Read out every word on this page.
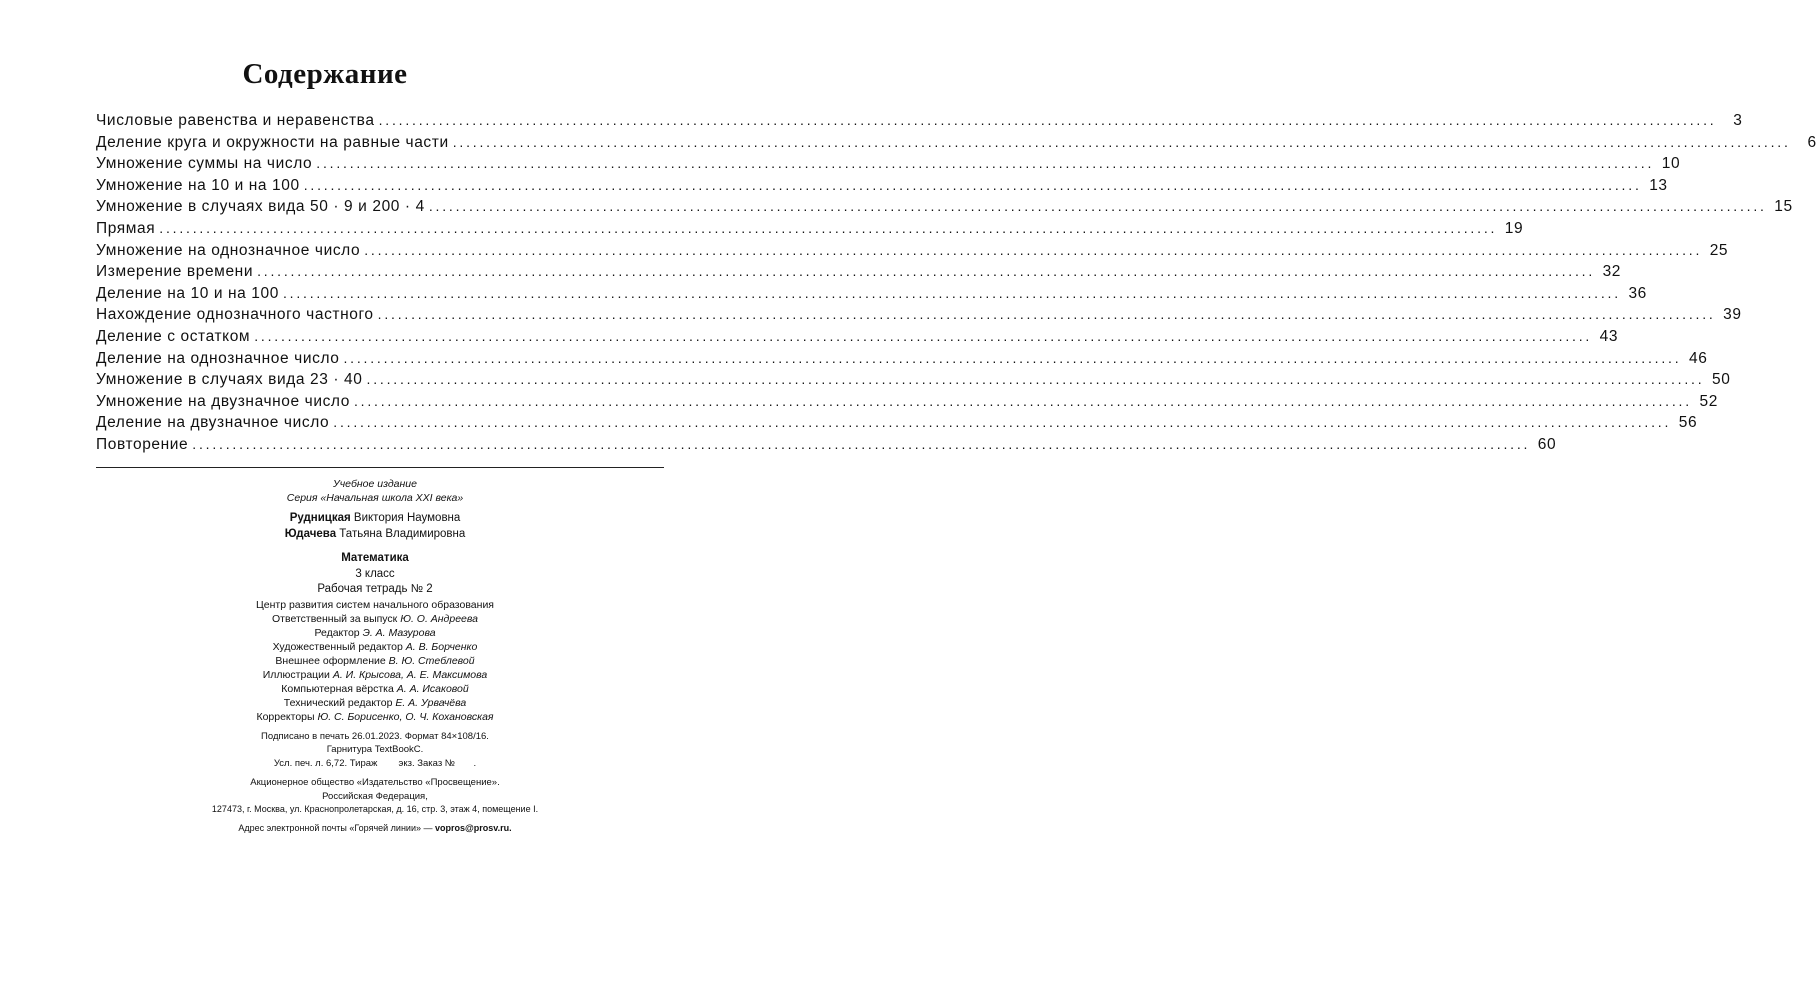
Содержание
Числовые равенства и неравенства ........................................................................................................................................................................................................	3
Деление круга и окружности на равные части ........................................................................................................................................................................................................	6
Умножение суммы на число ........................................................................................................................................................................................................ 10
Умножение на 10 и на 100 ........................................................................................................................................................................................................ 13
Умножение в случаях вида 50 · 9 и 200 · 4 ........................................................................................................................................................................................................ 15
Прямая ........................................................................................................................................................................................................ 19
Умножение на однозначное число ........................................................................................................................................................................................................ 25
Измерение времени ........................................................................................................................................................................................................ 32
Деление на 10 и на 100 ........................................................................................................................................................................................................ 36
Нахождение однозначного частного ........................................................................................................................................................................................................ 39
Деление с остатком ........................................................................................................................................................................................................ 43
Деление на однозначное число ........................................................................................................................................................................................................ 46
Умножение в случаях вида 23 · 40 ........................................................................................................................................................................................................ 50
Умножение на двузначное число ........................................................................................................................................................................................................ 52
Деление на двузначное число ........................................................................................................................................................................................................ 56
Повторение ........................................................................................................................................................................................................ 60
Учебное издание
Серия «Начальная школа XXI века»
Рудницкая Виктория Наумовна
Юдачева Татьяна Владимировна
Математика
3 класс
Рабочая тетрадь № 2
Центр развития систем начального образования
Ответственный за выпуск Ю. О. Андреева
Редактор Э. А. Мазурова
Художественный редактор А. В. Борченко
Внешнее оформление В. Ю. Стеблевой
Иллюстрации А. И. Крысова, А. Е. Максимова
Компьютерная вёрстка А. А. Исаковой
Технический редактор Е. А. Урвачёва
Корректоры Ю. С. Борисенко, О. Ч. Кохановская
Подписано в печать 26.01.2023. Формат 84×108/16.
Гарнитура TextBookC.
Усл. печ. л. 6,72. Тираж        экз. Заказ №       .
Акционерное общество «Издательство «Просвещение».
Российская Федерация,
127473, г. Москва, ул. Краснопролетарская, д. 16, стр. 3, этаж 4, помещение I.
Адрес электронной почты «Горячей линии» — vopros@prosv.ru.
